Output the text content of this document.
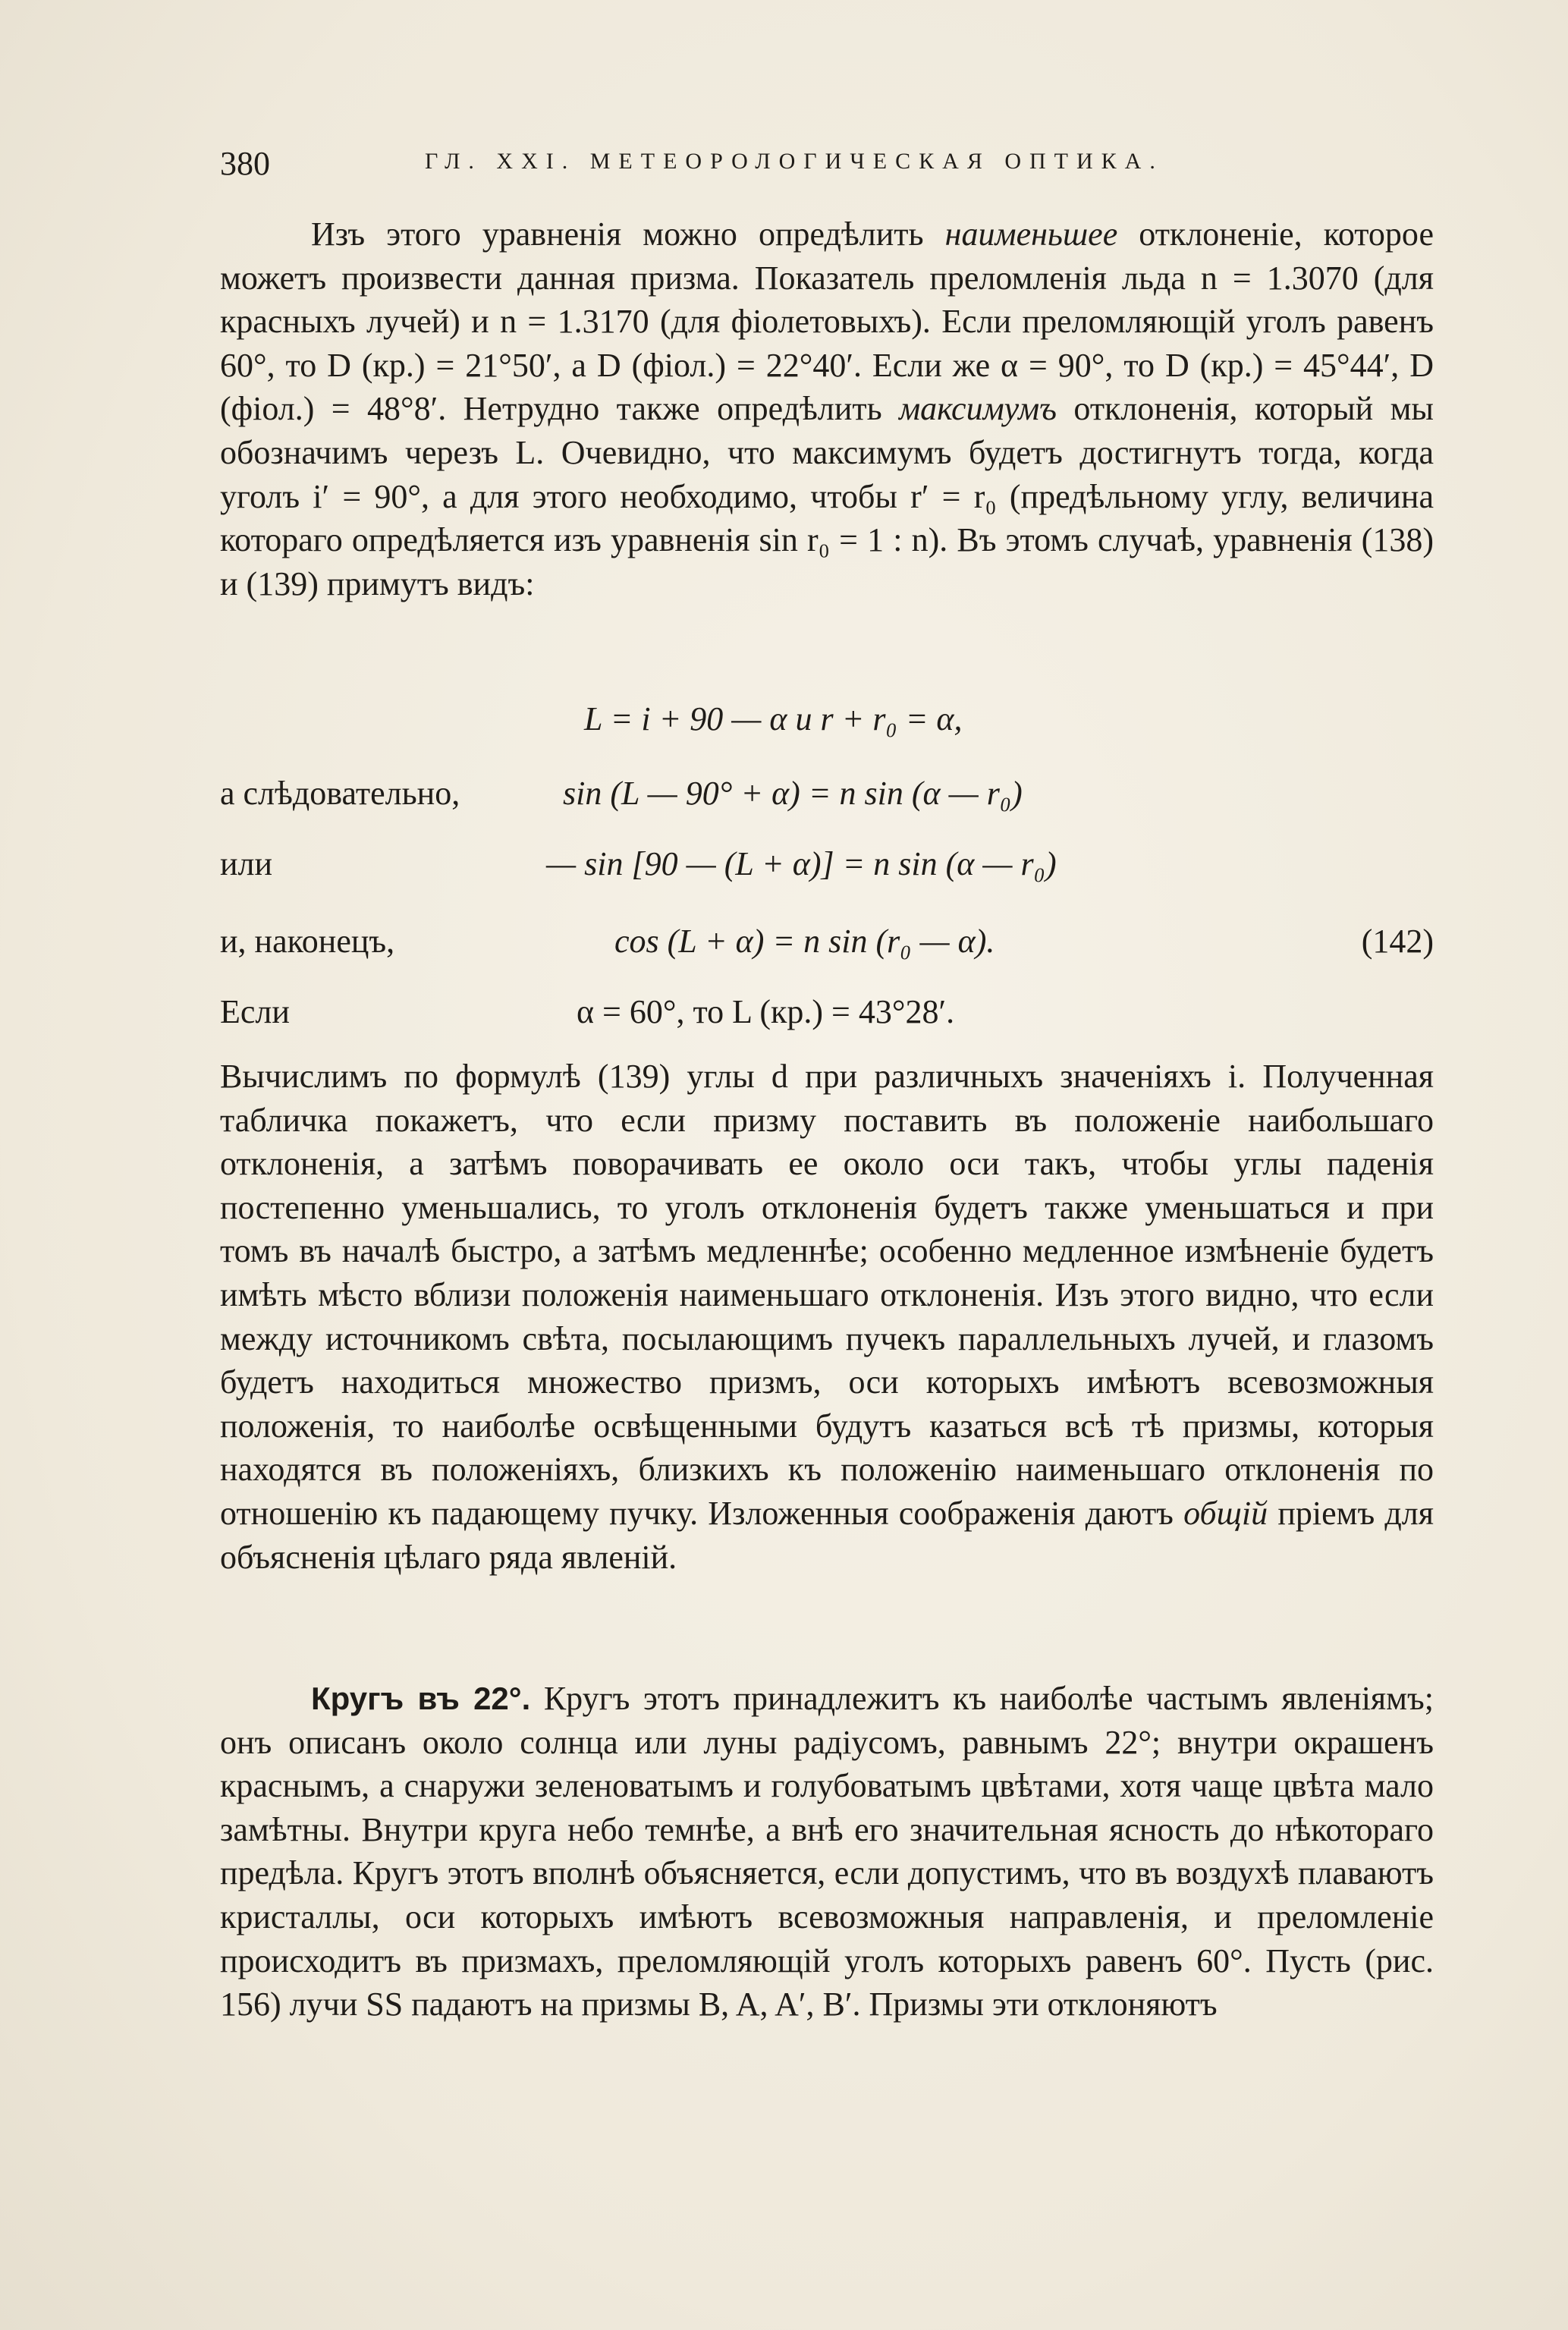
380	ГЛ. XXI. МЕТЕОРОЛОГИЧЕСКАЯ ОПТИКА.

Изъ этого уравненія можно опредѣлить наименьшее отклоненіе, которое можетъ произвести данная призма. Показатель преломленія льда n = 1.3070 (для красныхъ лучей) и n = 1.3170 (для фіолетовыхъ). Если преломляющій уголъ равенъ 60°, то D (кр.) = 21°50′, а D (фіол.) = 22°40′. Если же α = 90°, то D (кр.) = 45°44′, D (фіол.) = 48°8′. Нетрудно также опредѣлить максимумъ отклоненія, который мы обозначимъ черезъ L. Очевидно, что максимумъ будетъ достигнутъ тогда, когда уголъ i′ = 90°, а для этого необходимо, чтобы r′ = r₀ (предѣльному углу, величина котораго опредѣляется изъ уравненія sin r₀ = 1 : n). Въ этомъ случаѣ, уравненія (138) и (139) примутъ видъ:

L = i + 90 — α и r + r₀ = α,
а слѣдовательно,	sin (L — 90° + α) = n sin (α — r₀)
или	— sin [90 — (L + α)] = n sin (α — r₀)
и, наконецъ,	cos (L + α) = n sin (r₀ — α).	(142)
Если	α = 60°, то L (кр.) = 43°28′.

Вычислимъ по формулѣ (139) углы d при различныхъ значеніяхъ i. Полученная табличка покажетъ, что если призму поставить въ положеніе наибольшаго отклоненія, а затѣмъ поворачивать ее около оси такъ, чтобы углы паденія постепенно уменьшались, то уголъ отклоненія будетъ также уменьшаться и при томъ въ началѣ быстро, а затѣмъ медленнѣе; особенно медленное измѣненіе будетъ имѣть мѣсто вблизи положенія наименьшаго отклоненія. Изъ этого видно, что если между источникомъ свѣта, посылающимъ пучекъ параллельныхъ лучей, и глазомъ будетъ находиться множество призмъ, оси которыхъ имѣютъ всевозможныя положенія, то наиболѣе освѣщенными будутъ казаться всѣ тѣ призмы, которыя находятся въ положеніяхъ, близкихъ къ положенію наименьшаго отклоненія по отношенію къ падающему пучку. Изложенныя соображенія даютъ общій пріемъ для объясненія цѣлаго ряда явленій.

Кругъ въ 22°. Кругъ этотъ принадлежитъ къ наиболѣе частымъ явленіямъ; онъ описанъ около солнца или луны радіусомъ, равнымъ 22°; внутри окрашенъ краснымъ, а снаружи зеленоватымъ и голубоватымъ цвѣтами, хотя чаще цвѣта мало замѣтны. Внутри круга небо темнѣе, а внѣ его значительная ясность до нѣкотораго предѣла. Кругъ этотъ вполнѣ объясняется, если допустимъ, что въ воздухѣ плаваютъ кристаллы, оси которыхъ имѣютъ всевозможныя направленія, и преломленіе происходитъ въ призмахъ, преломляющій уголъ которыхъ равенъ 60°. Пусть (рис. 156) лучи SS падаютъ на призмы B, A, A′, B′. Призмы эти отклоняютъ
